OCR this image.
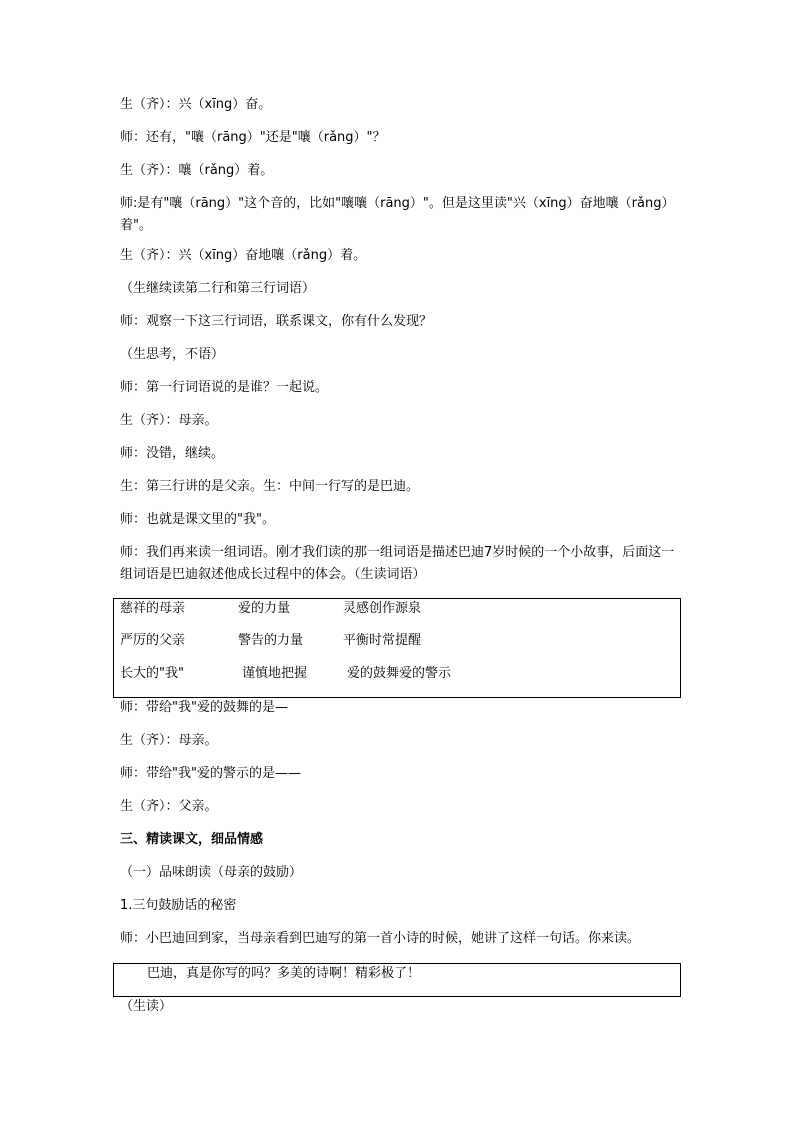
生（齐）：兴（xīng）奋。
师：还有，"嚷（rāng）"还是"嚷（rǎng）"？
生（齐）：嚷（rǎng）着。
师:是有"嚷（rāng）"这个音的，比如"嚷嚷（rāng）"。但是这里读"兴（xīng）奋地嚷（rǎng）着"。
生（齐）：兴（xīng）奋地嚷（rǎng）着。
（生继续读第二行和第三行词语）
师：观察一下这三行词语，联系课文，你有什么发现？
（生思考，不语）
师：第一行词语说的是谁？一起说。
生（齐）：母亲。
师：没错，继续。
生：第三行讲的是父亲。生：中间一行写的是巴迪。
师：也就是课文里的"我"。
师：我们再来读一组词语。刚才我们读的那一组词语是描述巴迪7岁时候的一个小故事，后面这一组词语是巴迪叙述他成长过程中的体会。（生读词语）
慈祥的母亲	爱的力量	灵感创作源泉
严厉的父亲	警告的力量	平衡时常提醒
长大的"我"	谨慎地把握	爱的鼓舞爱的警示
师：带给"我"爱的鼓舞的是—
生（齐）：母亲。
师：带给"我"爱的警示的是——
生（齐）：父亲。
三、精读课文，细品情感
（一）品味朗读（母亲的鼓励）
1.三句鼓励话的秘密
师：小巴迪回到家，当母亲看到巴迪写的第一首小诗的时候，她讲了这样一句话。你来读。
巴迪，真是你写的吗？多美的诗啊！精彩极了！
（生读）
